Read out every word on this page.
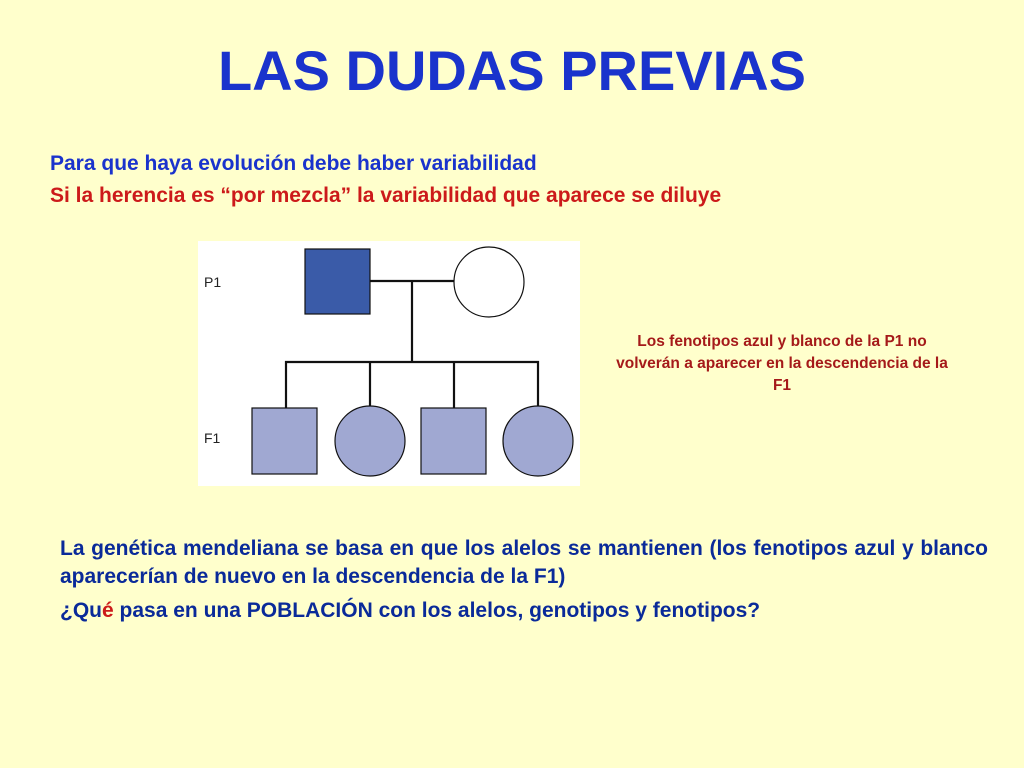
LAS DUDAS PREVIAS
Para que haya evolución debe haber variabilidad
Si la herencia es “por mezcla” la variabilidad que aparece se diluye
P1
F1
Los fenotipos azul y blanco de la P1 no volverán a aparecer en la descendencia de la F1

La genética mendeliana se basa en que los alelos se mantienen (los fenotipos azul y blanco aparecerían de nuevo en la descendencia de la F1)

¿Qué pasa en una POBLACIÓN con los alelos, genotipos y fenotipos?
